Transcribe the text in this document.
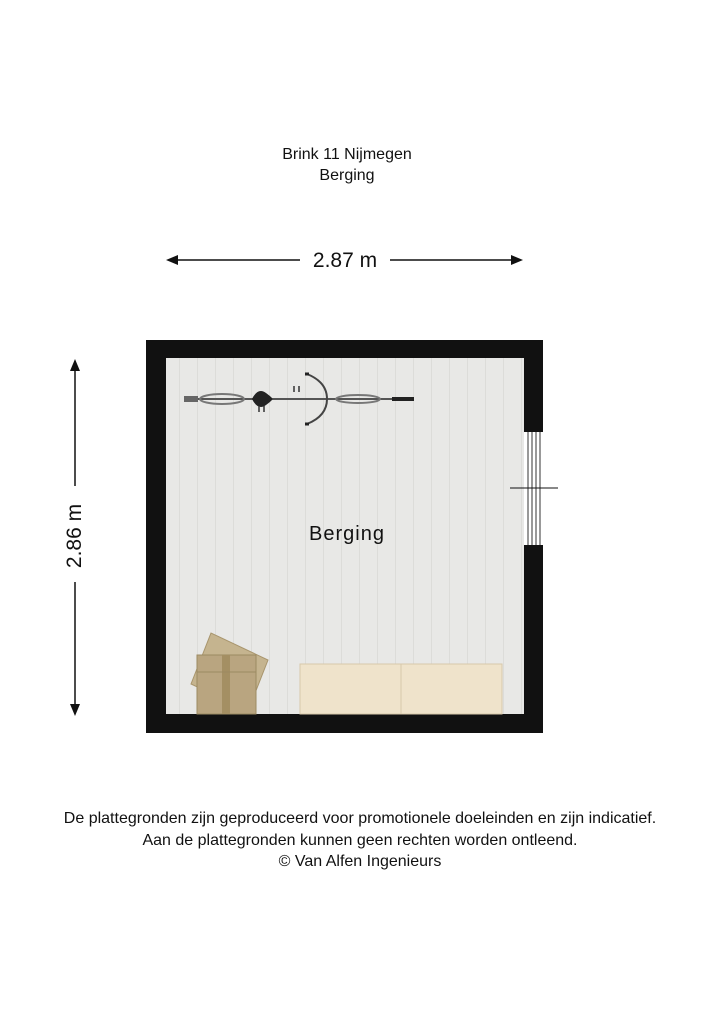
Brink 11 Nijmegen
Berging
2.87 m
2.86 m	Berging
De plattegronden zijn geproduceerd voor promotionele doeleinden en zijn indicatief.
Aan de plattegronden kunnen geen rechten worden ontleend.
© Van Alfen Ingenieurs
